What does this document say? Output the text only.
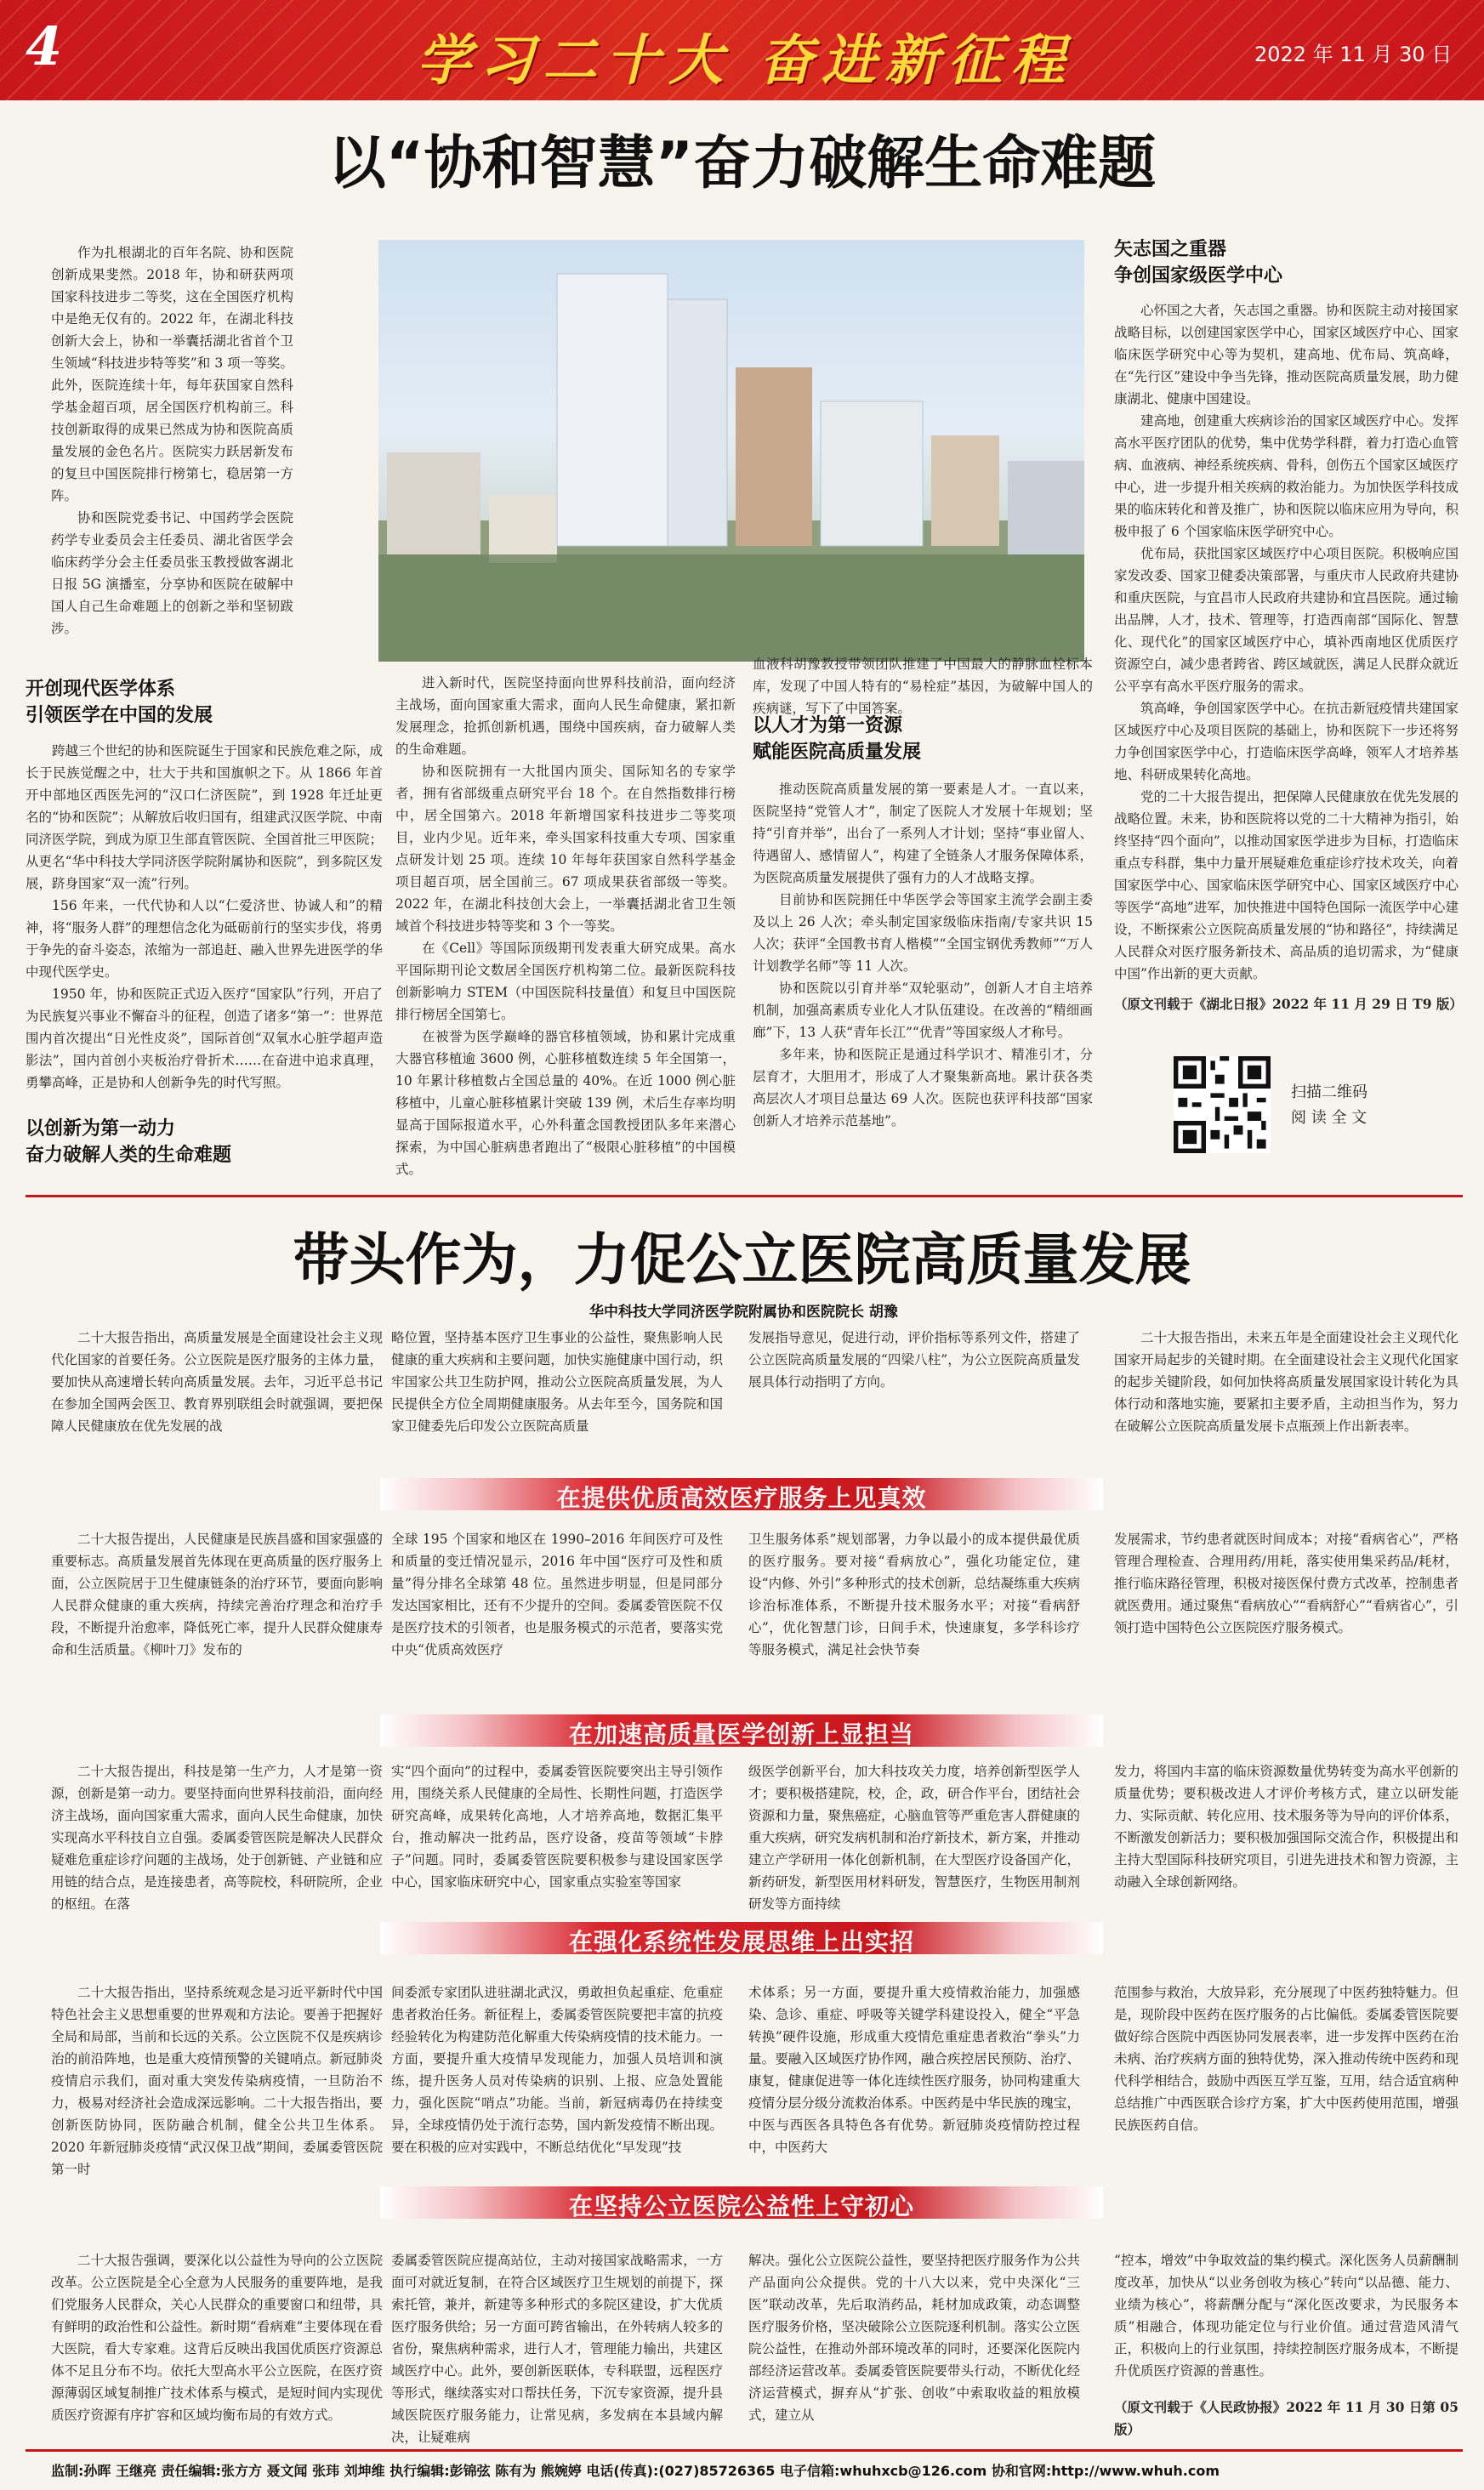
4	学习二十大 奋进新征程	2022 年 11 月 30 日
以“协和智慧”奋力破解生命难题

作为扎根湖北的百年名院、协和医院创新成果斐然。2018 年，协和研获两项国家科技进步二等奖，这在全国医疗机构中是绝无仅有的。2022 年，在湖北科技创新大会上，协和一举囊括湖北省首个卫生领域“科技进步特等奖”和 3 项一等奖。此外，医院连续十年，每年获国家自然科学基金超百项，居全国医疗机构前三。科技创新取得的成果已然成为协和医院高质量发展的金色名片。医院实力跃居新发布的复旦中国医院排行榜第七，稳居第一方阵。

协和医院党委书记、中国药学会医院药学专业委员会主任委员、湖北省医学会临床药学分会主任委员张玉教授做客湖北日报 5G 演播室，分享协和医院在破解中国人自己生命难题上的创新之举和坚韧跋涉。

开创现代医学体系
引领医学在中国的发展

跨越三个世纪的协和医院诞生于国家和民族危难之际，成长于民族觉醒之中，壮大于共和国旗帜之下。从 1866 年首开中部地区西医先河的“汉口仁济医院”，到 1928 年迁址更名的“协和医院”；从解放后收归国有，组建武汉医学院、中南同济医学院，到成为原卫生部直管医院、全国首批三甲医院；从更名“华中科技大学同济医学院附属协和医院”，到多院区发展，跻身国家“双一流”行列。

156 年来，一代代协和人以“仁爱济世、协诚人和”的精神，将“服务人群”的理想信念化为砥砺前行的坚实步伐，将勇于争先的奋斗姿态，浓缩为一部追赶、融入世界先进医学的华中现代医学史。

1950 年，协和医院正式迈入医疗“国家队”行列，开启了为民族复兴事业不懈奋斗的征程，创造了诸多“第一”：世界范围内首次提出“日光性皮炎”，国际首创“双氧水心脏学超声造影法”，国内首创小夹板治疗骨折术……在奋进中追求真理，勇攀高峰，正是协和人创新争先的时代写照。

以创新为第一动力
奋力破解人类的生命难题

进入新时代，医院坚持面向世界科技前沿，面向经济主战场，面向国家重大需求，面向人民生命健康，紧扣新发展理念，抢抓创新机遇，围绕中国疾病，奋力破解人类的生命难题。

协和医院拥有一大批国内顶尖、国际知名的专家学者，拥有省部级重点研究平台 18 个。在自然指数排行榜中，居全国第六。2018 年新增国家科技进步二等奖项目，业内少见。近年来，牵头国家科技重大专项、国家重点研发计划 25 项。连续 10 年每年获国家自然科学基金项目超百项，居全国前三。67 项成果获省部级一等奖。2022 年，在湖北科技创大会上，一举囊括湖北省卫生领域首个科技进步特等奖和 3 个一等奖。

在《Cell》等国际顶级期刊发表重大研究成果。高水平国际期刊论文数居全国医疗机构第二位。最新医院科技创新影响力 STEM（中国医院科技量值）和复旦中国医院排行榜居全国第七。

在被誉为医学巅峰的器官移植领域，协和累计完成重大器官移植逾 3600 例，心脏移植数连续 5 年全国第一，10 年累计移植数占全国总量的 40%。在近 1000 例心脏移植中，儿童心脏移植累计突破 139 例，术后生存率均明显高于国际报道水平，心外科董念国教授团队多年来潜心探索，为中国心脏病患者跑出了“极限心脏移植”的中国模式。

血液科胡豫教授带领团队推建了中国最大的静脉血栓标本库，发现了中国人特有的“易栓症”基因，为破解中国人的疾病谜，写下了中国答案。

以人才为第一资源
赋能医院高质量发展

推动医院高质量发展的第一要素是人才。一直以来，医院坚持“党管人才”，制定了医院人才发展十年规划；坚持“引育并举”，出台了一系列人才计划；坚持“事业留人、待遇留人、感情留人”，构建了全链条人才服务保障体系，为医院高质量发展提供了强有力的人才战略支撑。

目前协和医院拥任中华医学会等国家主流学会副主委及以上 26 人次；牵头制定国家级临床指南/专家共识 15 人次；获评“全国教书育人楷模”“全国宝钢优秀教师”“万人计划教学名师”等 11 人次。

协和医院以引育并举“双轮驱动”，创新人才自主培养机制，加强高素质专业化人才队伍建设。在改善的“精细画廊”下，13 人获“青年长江”“优青”等国家级人才称号。

多年来，协和医院正是通过科学识才、精准引才，分层育才，大胆用才，形成了人才聚集新高地。累计获各类高层次人才项目总量达 69 人次。医院也获评科技部“国家创新人才培养示范基地”。

矢志国之重器
争创国家级医学中心

心怀国之大者，矢志国之重器。协和医院主动对接国家战略目标，以创建国家医学中心，国家区域医疗中心、国家临床医学研究中心等为契机，建高地、优布局、筑高峰，在“先行区”建设中争当先锋，推动医院高质量发展，助力健康湖北、健康中国建设。

建高地，创建重大疾病诊治的国家区域医疗中心。发挥高水平医疗团队的优势，集中优势学科群，着力打造心血管病、血液病、神经系统疾病、骨科，创伤五个国家区域医疗中心，进一步提升相关疾病的救治能力。为加快医学科技成果的临床转化和普及推广，协和医院以临床应用为导向，积极申报了 6 个国家临床医学研究中心。

优布局，获批国家区域医疗中心项目医院。积极响应国家发改委、国家卫健委决策部署，与重庆市人民政府共建协和重庆医院，与宜昌市人民政府共建协和宜昌医院。通过输出品牌，人才，技术、管理等，打造西南部“国际化、智慧化、现代化”的国家区域医疗中心，填补西南地区优质医疗资源空白，减少患者跨省、跨区域就医，满足人民群众就近公平享有高水平医疗服务的需求。

筑高峰，争创国家医学中心。在抗击新冠疫情共建国家区域医疗中心及项目医院的基础上，协和医院下一步还将努力争创国家医学中心，打造临床医学高峰，领军人才培养基地、科研成果转化高地。

党的二十大报告提出，把保障人民健康放在优先发展的战略位置。未来，协和医院将以党的二十大精神为指引，始终坚持“四个面向”，以推动国家医学进步为目标，打造临床重点专科群，集中力量开展疑难危重症诊疗技术攻关，向着国家医学中心、国家临床医学研究中心、国家区域医疗中心等医学“高地”进军，加快推进中国特色国际一流医学中心建设，不断探索公立医院高质量发展的“协和路径”，持续满足人民群众对医疗服务新技术、高品质的追切需求，为“健康中国”作出新的更大贡献。

（原文刊载于《湖北日报》2022 年 11 月 29 日 T9 版）
扫描二维码
阅 读 全 文
带头作为，力促公立医院高质量发展
华中科技大学同济医学院附属协和医院院长 胡豫

二十大报告指出，高质量发展是全面建设社会主义现代化国家的首要任务。公立医院是医疗服务的主体力量，要加快从高速增长转向高质量发展。去年，习近平总书记在参加全国两会医卫、教育界别联组会时就强调，要把保障人民健康放在优先发展的战

略位置，坚持基本医疗卫生事业的公益性，聚焦影响人民健康的重大疾病和主要问题，加快实施健康中国行动，织牢国家公共卫生防护网，推动公立医院高质量发展，为人民提供全方位全周期健康服务。从去年至今，国务院和国家卫健委先后印发公立医院高质量

发展指导意见，促进行动，评价指标等系列文件，搭建了公立医院高质量发展的“四梁八柱”，为公立医院高质量发展具体行动指明了方向。

二十大报告指出，未来五年是全面建设社会主义现代化国家开局起步的关键时期。在全面建设社会主义现代化国家的起步关键阶段，如何加快将高质量发展国家设计转化为具体行动和落地实施，要紧扣主要矛盾，主动担当作为，努力在破解公立医院高质量发展卡点瓶颈上作出新表率。

在提供优质高效医疗服务上见真效

二十大报告提出，人民健康是民族昌盛和国家强盛的重要标志。高质量发展首先体现在更高质量的医疗服务上面，公立医院居于卫生健康链条的治疗环节，要面向影响人民群众健康的重大疾病，持续完善治疗理念和治疗手段，不断提升治愈率，降低死亡率，提升人民群众健康寿命和生活质量。《柳叶刀》发布的

全球 195 个国家和地区在 1990–2016 年间医疗可及性和质量的变迁情况显示，2016 年中国“医疗可及性和质量”得分排名全球第 48 位。虽然进步明显，但是同部分发达国家相比，还有不少提升的空间。委属委管医院不仅是医疗技术的引领者，也是服务模式的示范者，要落实党中央“优质高效医疗

卫生服务体系”规划部署，力争以最小的成本提供最优质的医疗服务。要对接“看病放心”，强化功能定位，建设“内修、外引”多种形式的技术创新，总结凝练重大疾病诊治标准体系，不断提升技术服务水平；对接“看病舒心”，优化智慧门诊，日间手术，快速康复，多学科诊疗等服务模式，满足社会快节奏

发展需求，节约患者就医时间成本；对接“看病省心”，严格管理合理检查、合理用药/用耗，落实使用集采药品/耗材，推行临床路径管理，积极对接医保付费方式改革，控制患者就医费用。通过聚焦“看病放心”“看病舒心”“看病省心”，引领打造中国特色公立医院医疗服务模式。

在加速高质量医学创新上显担当

二十大报告提出，科技是第一生产力，人才是第一资源，创新是第一动力。要坚持面向世界科技前沿，面向经济主战场，面向国家重大需求，面向人民生命健康，加快实现高水平科技自立自强。委属委管医院是解决人民群众疑难危重症诊疗问题的主战场，处于创新链、产业链和应用链的结合点，是连接患者，高等院校，科研院所，企业的枢纽。在落

实“四个面向”的过程中，委属委管医院要突出主导引领作用，围绕关系人民健康的全局性、长期性问题，打造医学研究高峰，成果转化高地，人才培养高地，数据汇集平台，推动解决一批药品，医疗设备，疫苗等领域“卡脖子”问题。同时，委属委管医院要积极参与建设国家医学中心，国家临床研究中心，国家重点实验室等国家

级医学创新平台，加大科技攻关力度，培养创新型医学人才；要积极搭建院，校，企，政，研合作平台，团结社会资源和力量，聚焦癌症，心脑血管等严重危害人群健康的重大疾病，研究发病机制和治疗新技术，新方案，并推动建立产学研用一体化创新机制，在大型医疗设备国产化，新药研发，新型医用材料研发，智慧医疗，生物医用制剂研发等方面持续

发力，将国内丰富的临床资源数量优势转变为高水平创新的质量优势；要积极改进人才评价考核方式，建立以研发能力、实际贡献、转化应用、技术服务等为导向的评价体系，不断激发创新活力；要积极加强国际交流合作，积极提出和主持大型国际科技研究项目，引进先进技术和智力资源，主动融入全球创新网络。

在强化系统性发展思维上出实招

二十大报告指出，坚持系统观念是习近平新时代中国特色社会主义思想重要的世界观和方法论。要善于把握好全局和局部，当前和长远的关系。公立医院不仅是疾病诊治的前沿阵地，也是重大疫情预警的关键哨点。新冠肺炎疫情启示我们，面对重大突发传染病疫情，一旦防治不力，极易对经济社会造成深远影响。二十大报告指出，要创新医防协同，医防融合机制，健全公共卫生体系。2020 年新冠肺炎疫情“武汉保卫战”期间，委属委管医院第一时

间委派专家团队进驻湖北武汉，勇敢担负起重症、危重症患者救治任务。新征程上，委属委管医院要把丰富的抗疫经验转化为构建防范化解重大传染病疫情的技术能力。一方面，要提升重大疫情早发现能力，加强人员培训和演练，提升医务人员对传染病的识别、上报、应急处置能力，强化医院“哨点”功能。当前，新冠病毒仍在持续变异，全球疫情仍处于流行态势，国内新发疫情不断出现。要在积极的应对实践中，不断总结优化“早发现”技

术体系；另一方面，要提升重大疫情救治能力，加强感染、急诊、重症、呼吸等关键学科建设投入，健全“平急转换”硬件设施，形成重大疫情危重症患者救治“拳头”力量。要融入区域医疗协作网，融合疾控居民预防、治疗、康复，健康促进等一体化连续性医疗服务，协同构建重大疫情分层分级分流救治体系。中医药是中华民族的瑰宝，中医与西医各具特色各有优势。新冠肺炎疫情防控过程中，中医药大

范围参与救治，大放异彩，充分展现了中医药独特魅力。但是，现阶段中医药在医疗服务的占比偏低。委属委管医院要做好综合医院中西医协同发展表率，进一步发挥中医药在治未病、治疗疾病方面的独特优势，深入推动传统中医药和现代科学相结合，鼓励中西医互学互鉴，互用，结合适宜病种总结推广中西医联合诊疗方案，扩大中医药使用范围，增强民族医药自信。

在坚持公立医院公益性上守初心

二十大报告强调，要深化以公益性为导向的公立医院改革。公立医院是全心全意为人民服务的重要阵地，是我们党服务人民群众，关心人民群众的重要窗口和纽带，具有鲜明的政治性和公益性。新时期“看病难”主要体现在看大医院，看大专家难。这背后反映出我国优质医疗资源总体不足且分布不均。依托大型高水平公立医院，在医疗资源薄弱区域复制推广技术体系与模式，是短时间内实现优质医疗资源有序扩容和区域均衡布局的有效方式。

委属委管医院应提高站位，主动对接国家战略需求，一方面可对就近复制，在符合区域医疗卫生规划的前提下，探索托管，兼并，新建等多种形式的多院区建设，扩大优质医疗服务供给；另一方面可跨省输出，在外转病人较多的省份，聚焦病种需求，进行人才，管理能力输出，共建区域医疗中心。此外，要创新医联体，专科联盟，远程医疗等形式，继续落实对口帮扶任务，下沉专家资源，提升县域医院医疗服务能力，让常见病，多发病在本县域内解决，让疑难病

解决。强化公立医院公益性，要坚持把医疗服务作为公共产品面向公众提供。党的十八大以来，党中央深化“三医”联动改革，先后取消药品，耗材加成政策，动态调整医疗服务价格，坚决破除公立医院逐利机制。落实公立医院公益性，在推动外部环境改革的同时，还要深化医院内部经济运营改革。委属委管医院要带头行动，不断优化经济运营模式，摒弃从“扩张、创收”中索取收益的粗放模式，建立从

“控本，增效”中争取效益的集约模式。深化医务人员薪酬制度改革，加快从“以业务创收为核心”转向“以品德、能力、业绩为核心”，将薪酬分配与“深化医改要求，为民服务本质”相融合，体现功能定位与行业价值。通过营造风清气正，积极向上的行业氛围，持续控制医疗服务成本，不断提升优质医疗资源的普惠性。

（原文刊载于《人民政协报》2022 年 11 月 30 日第 05 版）
监制:孙晖 王继亮 责任编辑:张方方 聂文闻 张玮 刘坤维 执行编辑:彭锦弦 陈有为 熊婉婷 电话(传真):(027)85726365 电子信箱:whuhxcb@126.com 协和官网:http://www.whuh.com
